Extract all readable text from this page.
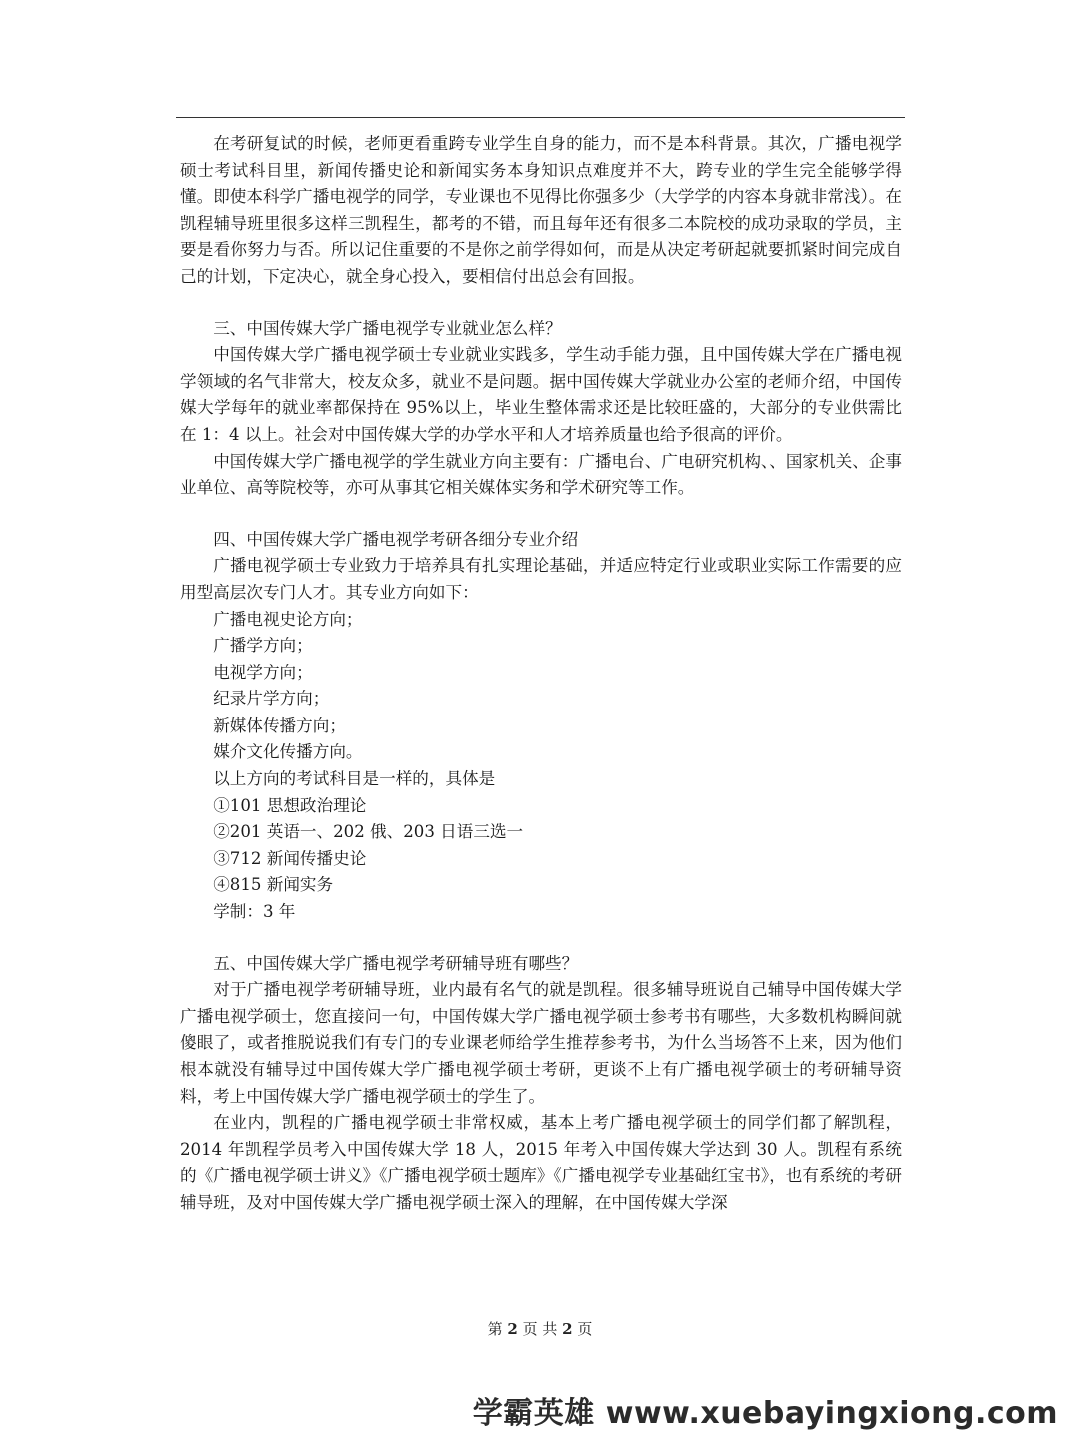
在考研复试的时候，老师更看重跨专业学生自身的能力，而不是本科背景。其次，广播电视学硕士考试科目里，新闻传播史论和新闻实务本身知识点难度并不大，跨专业的学生完全能够学得懂。即使本科学广播电视学的同学，专业课也不见得比你强多少（大学学的内容本身就非常浅）。在凯程辅导班里很多这样三凯程生，都考的不错，而且每年还有很多二本院校的成功录取的学员，主要是看你努力与否。所以记住重要的不是你之前学得如何，而是从决定考研起就要抓紧时间完成自己的计划，下定决心，就全身心投入，要相信付出总会有回报。

三、中国传媒大学广播电视学专业就业怎么样？

中国传媒大学广播电视学硕士专业就业实践多，学生动手能力强，且中国传媒大学在广播电视学领域的名气非常大，校友众多，就业不是问题。据中国传媒大学就业办公室的老师介绍，中国传媒大学每年的就业率都保持在 95%以上，毕业生整体需求还是比较旺盛的，大部分的专业供需比在 1：4 以上。社会对中国传媒大学的办学水平和人才培养质量也给予很高的评价。

中国传媒大学广播电视学的学生就业方向主要有：广播电台、广电研究机构、、国家机关、企事业单位、高等院校等，亦可从事其它相关媒体实务和学术研究等工作。

四、中国传媒大学广播电视学考研各细分专业介绍

广播电视学硕士专业致力于培养具有扎实理论基础，并适应特定行业或职业实际工作需要的应用型高层次专门人才。其专业方向如下：

广播电视史论方向；

广播学方向；

电视学方向；

纪录片学方向；

新媒体传播方向；

媒介文化传播方向。

以上方向的考试科目是一样的，具体是

①101 思想政治理论

②201 英语一、202 俄、203 日语三选一

③712 新闻传播史论

④815 新闻实务

学制：3 年

五、中国传媒大学广播电视学考研辅导班有哪些？

对于广播电视学考研辅导班，业内最有名气的就是凯程。很多辅导班说自己辅导中国传媒大学广播电视学硕士，您直接问一句，中国传媒大学广播电视学硕士参考书有哪些，大多数机构瞬间就傻眼了，或者推脱说我们有专门的专业课老师给学生推荐参考书，为什么当场答不上来，因为他们根本就没有辅导过中国传媒大学广播电视学硕士考研，更谈不上有广播电视学硕士的考研辅导资料，考上中国传媒大学广播电视学硕士的学生了。

在业内，凯程的广播电视学硕士非常权威，基本上考广播电视学硕士的同学们都了解凯程，2014 年凯程学员考入中国传媒大学 18 人，2015 年考入中国传媒大学达到 30 人。凯程有系统的《广播电视学硕士讲义》《广播电视学硕士题库》《广播电视学专业基础红宝书》，也有系统的考研辅导班，及对中国传媒大学广播电视学硕士深入的理解，在中国传媒大学深

第 2 页 共 2 页
学霸英雄 www.xuebayingxiong.com
